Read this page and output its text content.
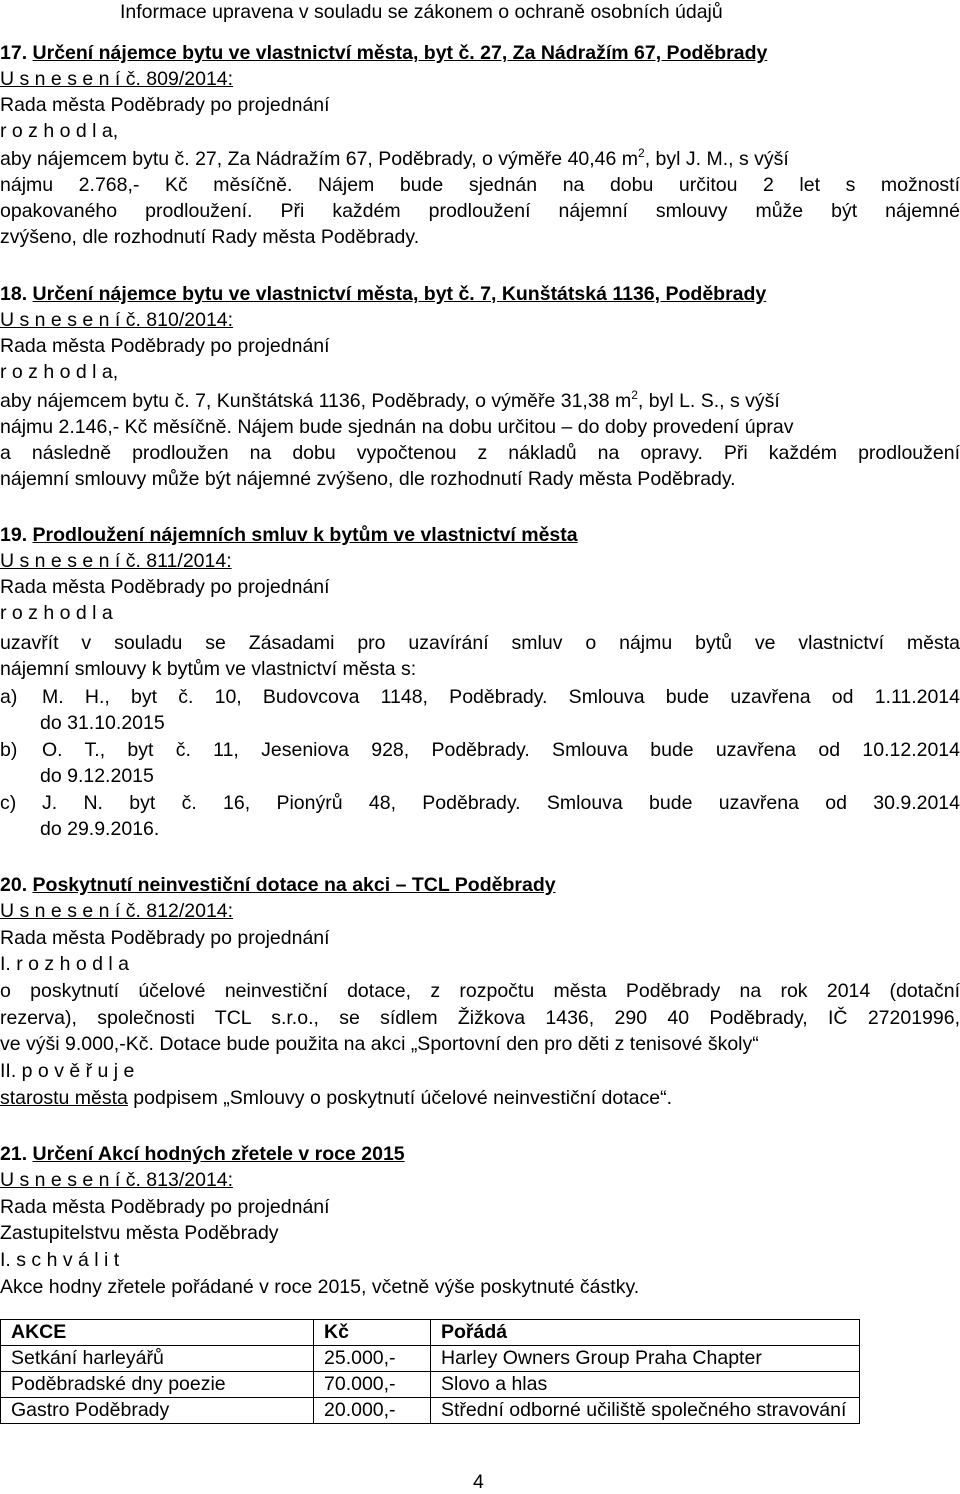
Informace upravena v souladu se zákonem o ochraně osobních údajů
17. Určení nájemce bytu ve vlastnictví města, byt č. 27, Za Nádražím 67, Poděbrady
U s n e s e n í č. 809/2014:
Rada města Poděbrady po projednání
r o z h o d l a,
aby nájemcem bytu č. 27, Za Nádražím 67, Poděbrady, o výměře 40,46 $m^2$, byl J. M., s výší
nájmu 2.768,- Kč měsíčně. Nájem bude sjednán na dobu určitou 2 let s možností
opakovaného prodloužení. Při každém prodloužení nájemní smlouvy může být nájemné
zvýšeno, dle rozhodnutí Rady města Poděbrady.
18. Určení nájemce bytu ve vlastnictví města, byt č. 7, Kunštátská 1136, Poděbrady
U s n e s e n í č. 810/2014:
Rada města Poděbrady po projednání
r o z h o d l a,
aby nájemcem bytu č. 7, Kunštátská 1136, Poděbrady, o výměře 31,38 $m^2$, byl L. S., s výší
nájmu 2.146,- Kč měsíčně. Nájem bude sjednán na dobu určitou – do doby provedení úprav
a následně prodloužen na dobu vypočtenou z nákladů na opravy. Při každém prodloužení
nájemní smlouvy může být nájemné zvýšeno, dle rozhodnutí Rady města Poděbrady.
19. Prodloužení nájemních smluv k bytům ve vlastnictví města
U s n e s e n í č. 811/2014:
Rada města Poděbrady po projednání
r o z h o d l a
uzavřít v souladu se Zásadami pro uzavírání smluv o nájmu bytů ve vlastnictví města
nájemní smlouvy k bytům ve vlastnictví města s:
a) M. H., byt č. 10, Budovcova 1148, Poděbrady. Smlouva bude uzavřena od 1.11.2014
do 31.10.2015
b) O. T., byt č. 11, Jeseniova 928, Poděbrady. Smlouva bude uzavřena od 10.12.2014
do 9.12.2015
c) J. N. byt č. 16, Pionýrů 48, Poděbrady. Smlouva bude uzavřena od 30.9.2014
do 29.9.2016.
20. Poskytnutí neinvestiční dotace na akci – TCL Poděbrady
U s n e s e n í č. 812/2014:
Rada města Poděbrady po projednání
I. r o z h o d l a
o poskytnutí účelové neinvestiční dotace, z rozpočtu města Poděbrady na rok 2014 (dotační
rezerva), společnosti TCL s.r.o., se sídlem Žižkova 1436, 290 40 Poděbrady, IČ 27201996,
ve výši 9.000,-Kč. Dotace bude použita na akci „Sportovní den pro děti z tenisové školy“
II. p o v ě ř u j e
starostu města podpisem „Smlouvy o poskytnutí účelové neinvestiční dotace“.
21. Určení Akcí hodných zřetele v roce 2015
U s n e s e n í č. 813/2014:
Rada města Poděbrady po projednání
Zastupitelstvu města Poděbrady
I. s c h v á l i t
Akce hodny zřetele pořádané v roce 2015, včetně výše poskytnuté částky.
AKCE	Kč	Pořádá
Setkání harleyářů	25.000,-	Harley Owners Group Praha Chapter
Poděbradské dny poezie	70.000,-	Slovo a hlas
Gastro Poděbrady	20.000,-	Střední odborné učiliště společného stravování
4
